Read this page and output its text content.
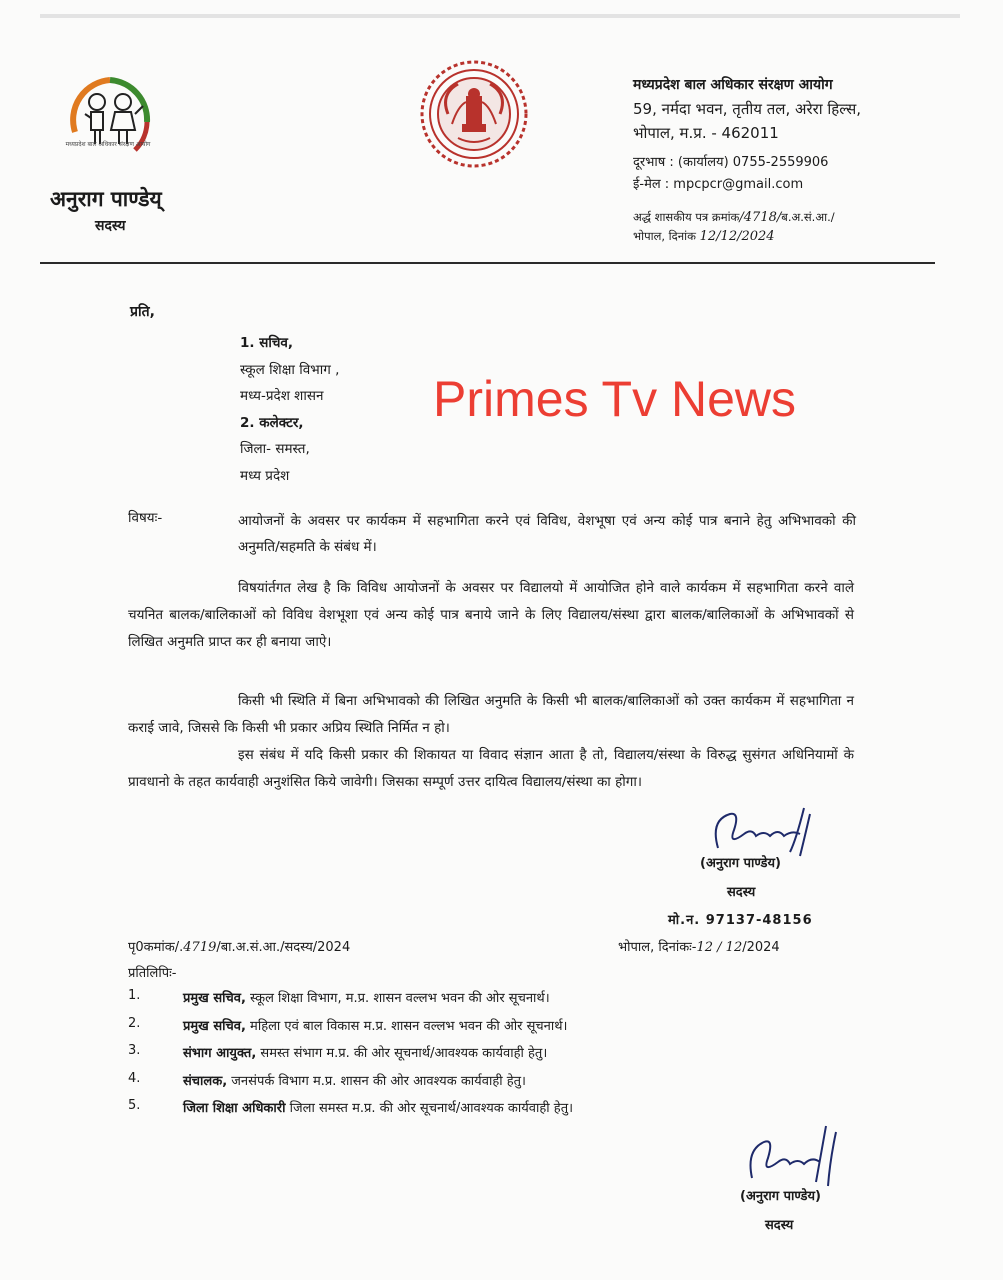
मध्यप्रदेश बाल अधिकार संरक्षण आयोग
अनुराग पाण्डेय्
सदस्य
मध्यप्रदेश बाल अधिकार संरक्षण आयोग
59, नर्मदा भवन, तृतीय तल, अरेरा हिल्स,
भोपाल, म.प्र. - 462011
दूरभाष : (कार्यालय) 0755-2559906
ई-मेल : mpcpcr@gmail.com
अर्द्ध शासकीय पत्र क्रमांक/4718/ब.अ.सं.आ./
भोपाल, दिनांक 12/12/2024
प्रति,
1. सचिव,
स्कूल शिक्षा विभाग ,
मध्य-प्रदेश शासन
2. कलेक्टर,
जिला- समस्त,
मध्य प्रदेश
Primes Tv News
विषयः-	आयोजनों के अवसर पर कार्यकम में सहभागिता करने एवं विविध, वेशभूषा एवं अन्य कोई पात्र बनाने हेतु अभिभावको की अनुमति/सहमति के संबंध में।
विषयांर्तगत लेख है कि विविध आयोजनों के अवसर पर विद्यालयो में आयोजित होने वाले कार्यकम में सहभागिता करने वाले चयनित बालक/बालिकाओं को विविध वेशभूशा एवं अन्य कोई पात्र बनाये जाने के लिए विद्यालय/संस्था द्वारा बालक/बालिकाओं के अभिभावकों से लिखित अनुमति प्राप्त कर ही बनाया जाऐ।
किसी भी स्थिति में बिना अभिभावको की लिखित अनुमति के किसी भी बालक/बालिकाओं को उक्त कार्यकम में सहभागिता न कराई जावे, जिससे कि किसी भी प्रकार अप्रिय स्थिति निर्मित न हो।
इस संबंध में यदि किसी प्रकार की शिकायत या विवाद संज्ञान आता है तो, विद्यालय/संस्था के विरुद्ध सुसंगत अधिनियामों के प्रावधानो के तहत कार्यवाही अनुशंसित किये जावेगी। जिसका सम्पूर्ण उत्तर दायित्व विद्यालय/संस्था का होगा।
(अनुराग पाण्डेय)
सदस्य
मो.न. 97137-48156
पृ0कमांक/.4719/बा.अ.सं.आ./सदस्य/2024	भोपाल, दिनांकः-12 / 12/2024
प्रतिलिपिः-
1.	प्रमुख सचिव, स्कूल शिक्षा विभाग, म.प्र. शासन वल्लभ भवन की ओर सूचनार्थ।
2.	प्रमुख सचिव, महिला एवं बाल विकास म.प्र. शासन वल्लभ भवन की ओर सूचनार्थ।
3.	संभाग आयुक्त, समस्त संभाग म.प्र. की ओर सूचनार्थ/आवश्यक कार्यवाही हेतु।
4.	संचालक, जनसंपर्क विभाग म.प्र. शासन की ओर आवश्यक कार्यवाही हेतु।
5.	जिला शिक्षा अधिकारी जिला समस्त म.प्र. की ओर सूचनार्थ/आवश्यक कार्यवाही हेतु।
(अनुराग पाण्डेय)
सदस्य
